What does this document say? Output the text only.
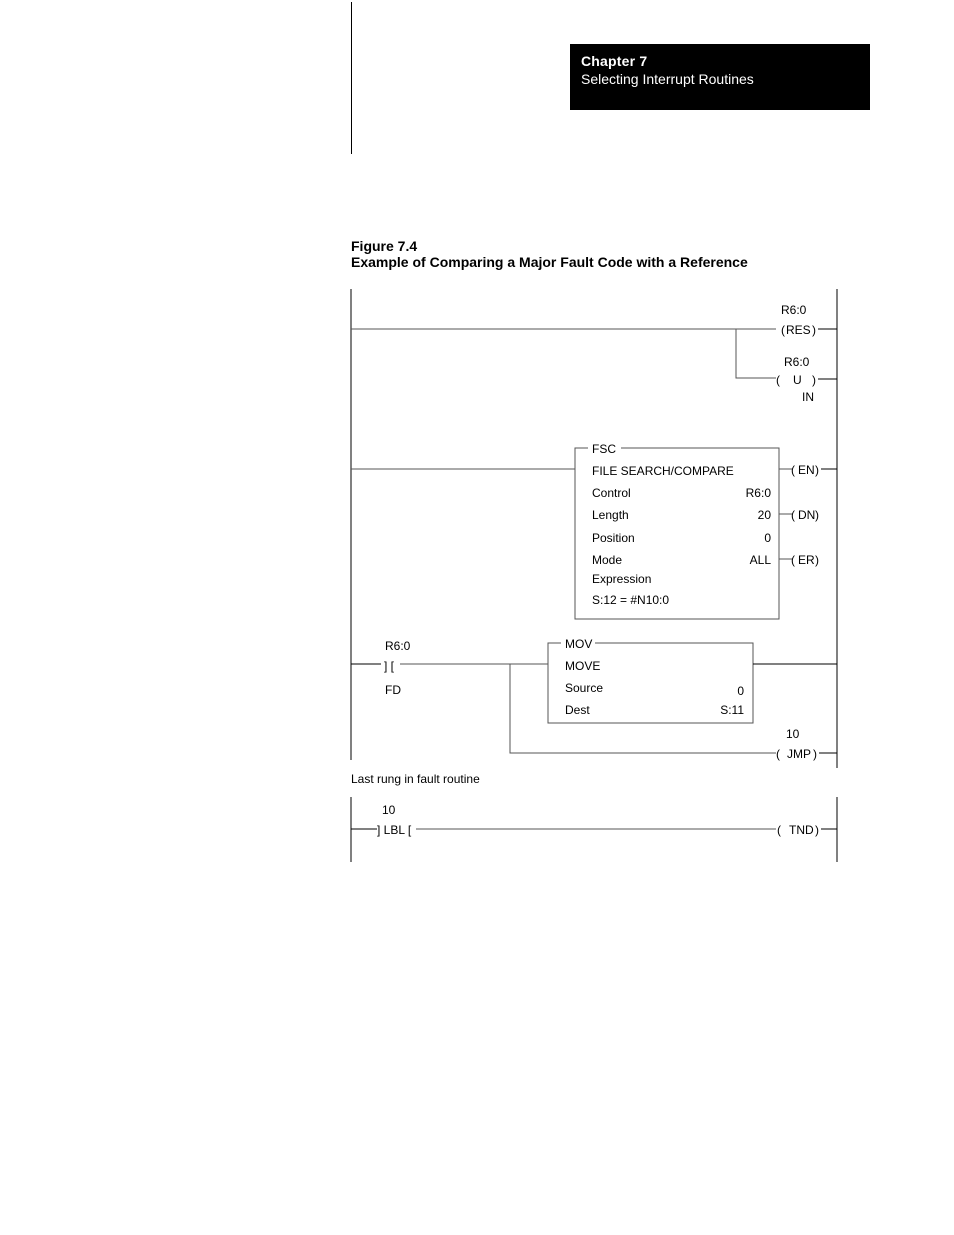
Chapter 7
Selecting Interrupt Routines
Figure 7.4
Example of Comparing a Major Fault Code with a Reference
R6:0
( RES )
R6:0
( U )
IN
FSC
FILE SEARCH/COMPARE
Control	R6:0
Length	20
Position	0
Mode	ALL
Expression
S:12 = #N10:0
( EN )
( DN )
( ER )
R6:0
] [
FD
MOV
MOVE
Source	0
Dest	S:11
10
( JMP )
10
] LBL [	( TND )
Last rung in fault routine
